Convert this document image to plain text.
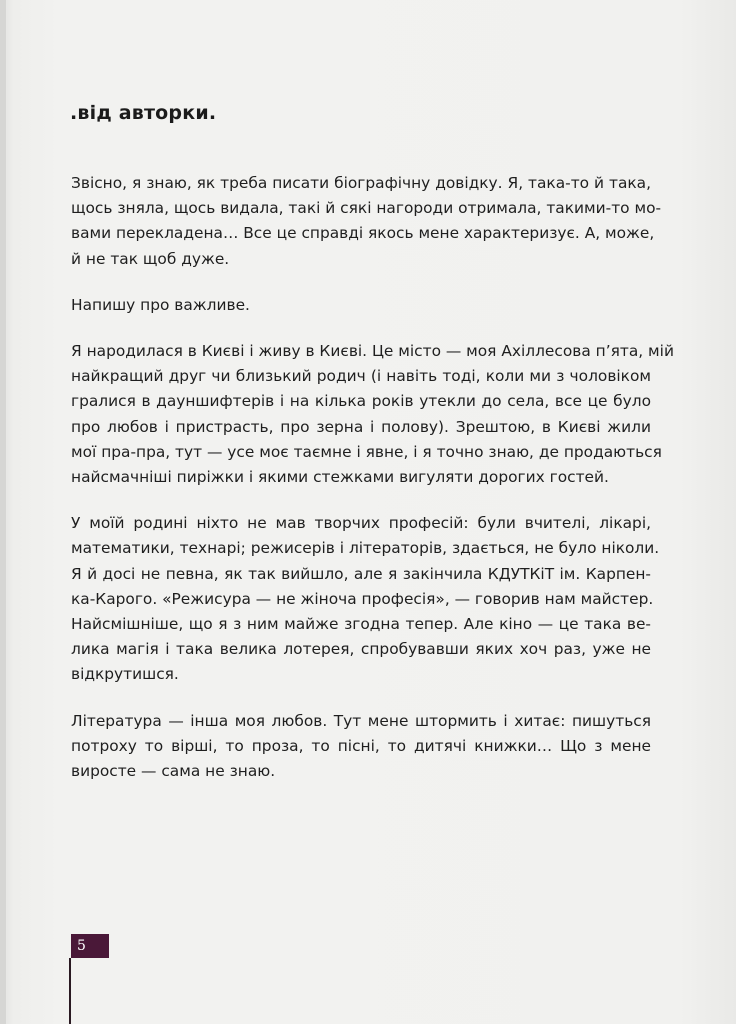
.від авторки.

Звісно, я знаю, як треба писати біографічну довідку. Я, така-то й така,
щось зняла, щось видала, такі й сякі нагороди отримала, такими-то мо-
вами перекладена… Все це справді якось мене характеризує. А, може,
й не так щоб дуже.

Напишу про важливе.

Я народилася в Києві і живу в Києві. Це місто — моя Ахіллесова п’ята, мій
найкращий друг чи близький родич (і навіть тоді, коли ми з чоловіком
гралися в дауншифтерів і на кілька років утекли до села, все це було
про любов і пристрасть, про зерна і полову). Зрештою, в Києві жили
мої пра-пра, тут — усе моє таємне і явне, і я точно знаю, де продаються
найсмачніші пиріжки і якими стежками вигуляти дорогих гостей.

У моїй родині ніхто не мав творчих професій: були вчителі, лікарі,
математики, технарі; режисерів і літераторів, здається, не було ніколи.
Я й досі не певна, як так вийшло, але я закінчила КДУТКіТ ім. Карпен-
ка-Карого. «Режисура — не жіноча професія», — говорив нам майстер.
Найсмішніше, що я з ним майже згодна тепер. Але кіно — це така ве-
лика магія і така велика лотерея, спробувавши яких хоч раз, уже не
відкрутишся.

Література — інша моя любов. Тут мене штормить і хитає: пишуться
потроху то вірші, то проза, то пісні, то дитячі книжки… Що з мене
виросте — сама не знаю.

5
